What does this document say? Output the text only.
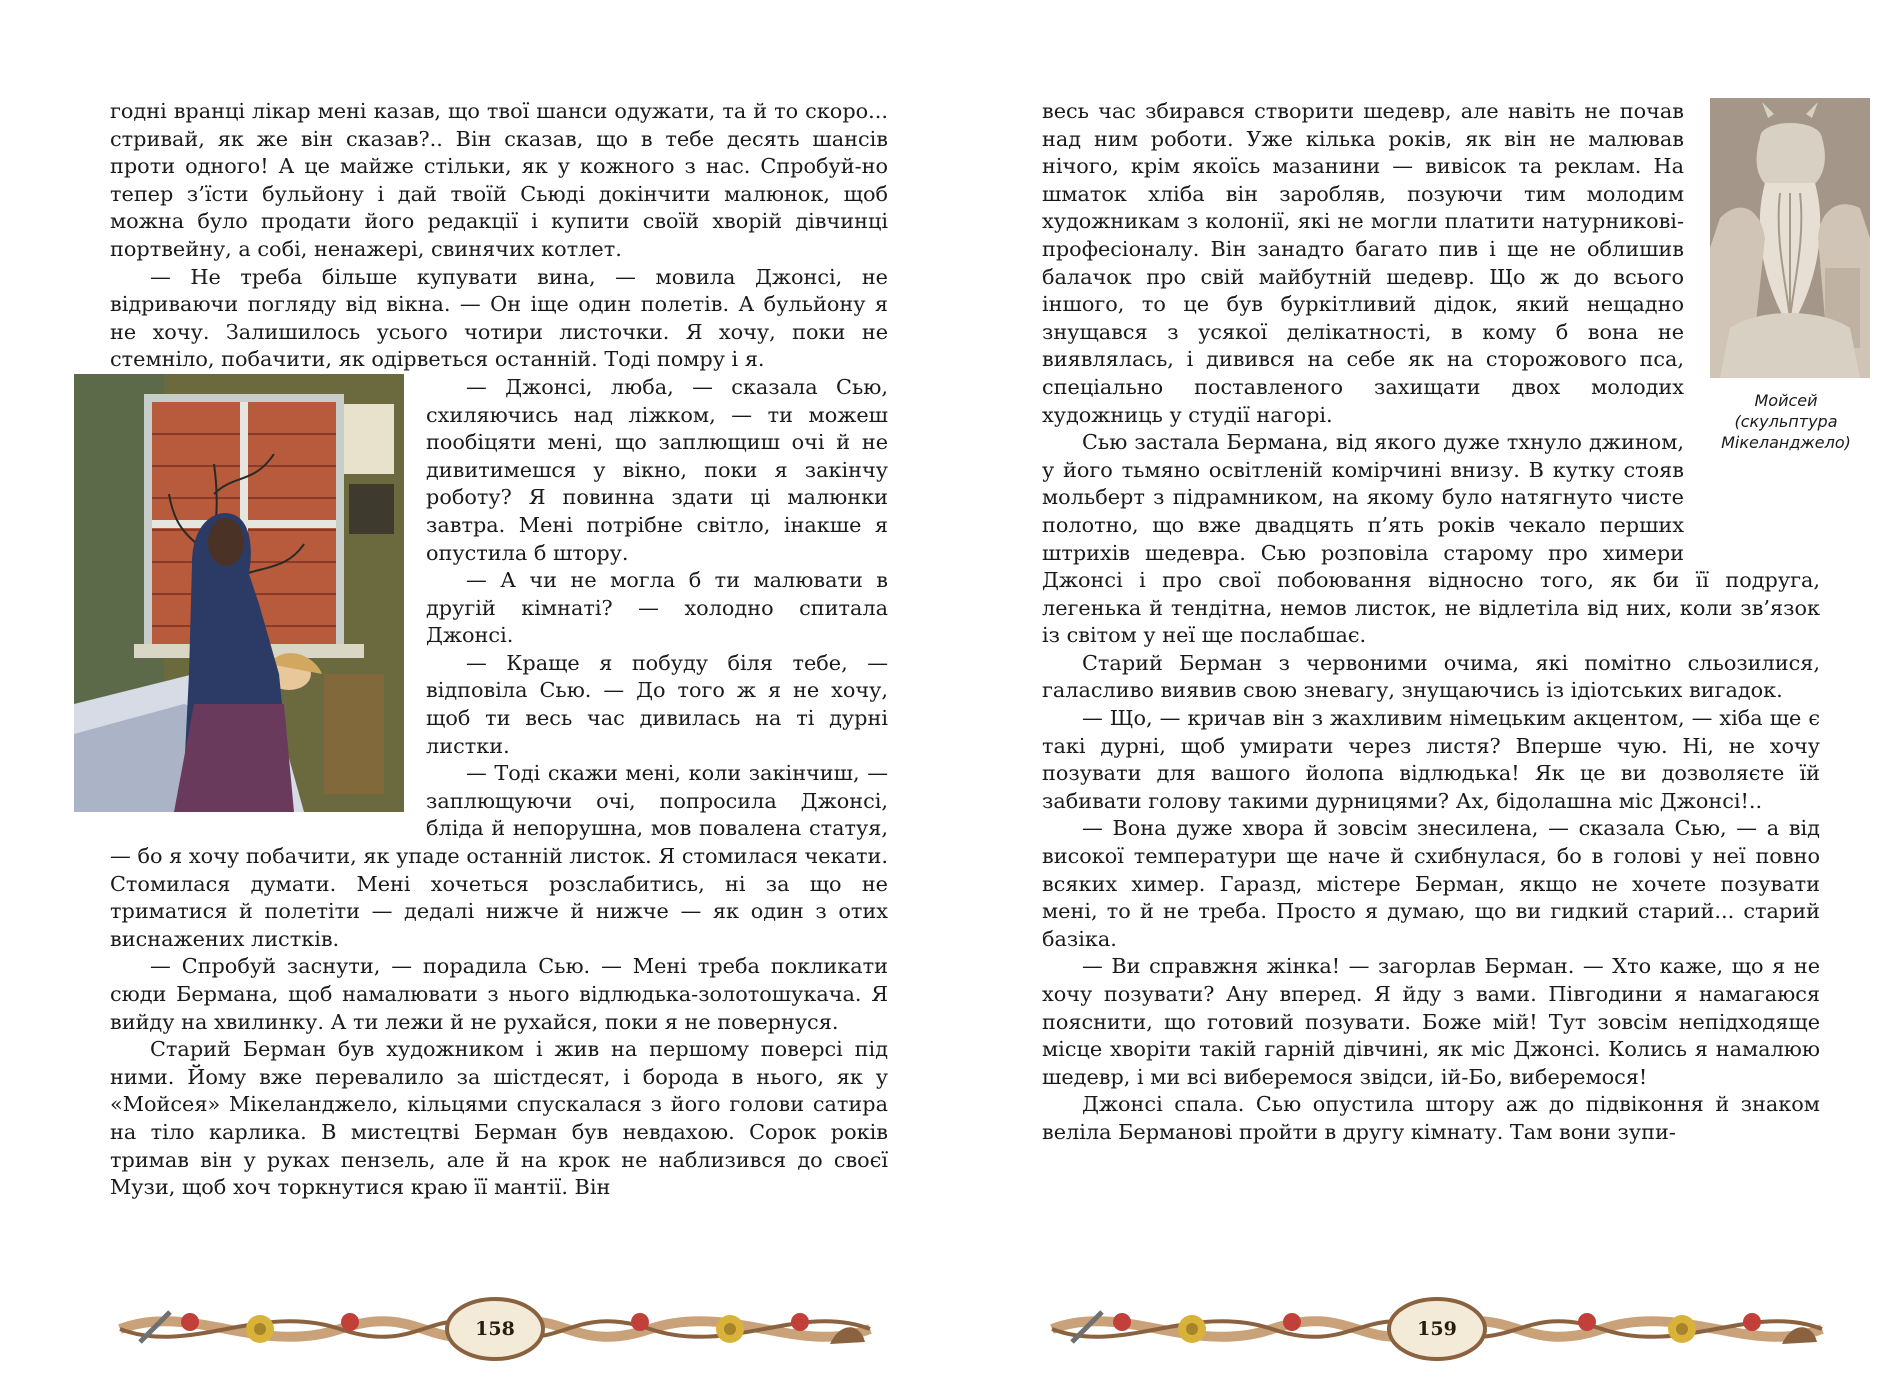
годні вранці лікар мені казав, що твої шанси одужати, та й то скоро... стривай, як же він сказав?.. Він сказав, що в тебе десять шансів проти одного! А це майже стільки, як у кожного з нас. Спробуй-но тепер з’їсти бульйону і дай твоїй Сьюді докінчити малюнок, щоб можна було продати його редакції і купити своїй хворій дівчинці портвейну, а собі, ненажері, свинячих котлет.

— Не треба більше купувати вина, — мовила Джонсі, не відриваючи погляду від вікна. — Он іще один полетів. А бульйону я не хочу. Залишилось усього чотири листочки. Я хочу, поки не стемніло, побачити, як одірветься останній. Тоді помру і я.

— Джонсі, люба, — сказала Сью, схиляючись над ліжком, — ти можеш пообіцяти мені, що заплющиш очі й не дивитимешся у вікно, поки я закінчу роботу? Я повинна здати ці малюнки завтра. Мені потрібне світло, інакше я опустила б штору.

— А чи не могла б ти малювати в другій кімнаті? — холодно спитала Джонсі.

— Краще я побуду біля тебе, — відповіла Сью. — До того ж я не хочу, щоб ти весь час дивилась на ті дурні листки.

— Тоді скажи мені, коли закінчиш, — заплющуючи очі, попросила Джонсі, бліда й непорушна, мов повалена статуя, — бо я хочу побачити, як упаде останній листок. Я стомилася чекати. Стомилася думати. Мені хочеться розслабитись, ні за що не триматися й полетіти — дедалі нижче й нижче — як один з отих виснажених листків.

— Спробуй заснути, — порадила Сью. — Мені треба покликати сюди Бермана, щоб намалювати з нього відлюдька-золотошукача. Я вийду на хвилинку. А ти лежи й не рухайся, поки я не повернуся.

Старий Берман був художником і жив на першому поверсі під ними. Йому вже перевалило за шістдесят, і борода в нього, як у «Мойсея» Мікеланджело, кільцями спускалася з його голови сатира на тіло карлика. В мистецтві Берман був невдахою. Сорок років тримав він у руках пензель, але й на крок не наблизився до своєї Музи, щоб хоч торкнутися краю її мантії. Він

158
Мойсей
(скульптура
Мікеланджело)

весь час збирався створити шедевр, але навіть не почав над ним роботи. Уже кілька років, як він не малював нічого, крім якоїсь мазанини — вивісок та реклам. На шматок хліба він заробляв, позуючи тим молодим художникам з колонії, які не могли платити натурникові-професіоналу. Він занадто багато пив і ще не облишив балачок про свій майбутній шедевр. Що ж до всього іншого, то це був буркітливий дідок, який нещадно знущався з усякої делікатності, в кому б вона не виявлялась, і дивився на себе як на сторожового пса, спеціально поставленого захищати двох молодих художниць у студії нагорі.

Сью застала Бермана, від якого дуже тхнуло джином, у його тьмяно освітленій комірчині внизу. В кутку стояв мольберт з підрамником, на якому було натягнуто чисте полотно, що вже двадцять п’ять років чекало перших штрихів шедевра. Сью розповіла старому про химери Джонсі і про свої побоювання відносно того, як би її подруга, легенька й тендітна, немов листок, не відлетіла від них, коли зв’язок із світом у неї ще послабшає.

Старий Берман з червоними очима, які помітно сльозилися, галасливо виявив свою зневагу, знущаючись із ідіотських вигадок.

— Що, — кричав він з жахливим німецьким акцентом, — хіба ще є такі дурні, щоб умирати через листя? Вперше чую. Ні, не хочу позувати для вашого йолопа відлюдька! Як це ви дозволяєте їй забивати голову такими дурницями? Ах, бідолашна міс Джонсі!..

— Вона дуже хвора й зовсім знесилена, — сказала Сью, — а від високої температури ще наче й схибнулася, бо в голові у неї повно всяких химер. Гаразд, містере Берман, якщо не хочете позувати мені, то й не треба. Просто я думаю, що ви гидкий старий... старий базіка.

— Ви справжня жінка! — загорлав Берман. — Хто каже, що я не хочу позувати? Ану вперед. Я йду з вами. Півгодини я намагаюся пояснити, що готовий позувати. Боже мій! Тут зовсім непідходяще місце хворіти такій гарній дівчині, як міс Джонсі. Колись я намалюю шедевр, і ми всі виберемося звідси, ій-Бо, виберемося!

Джонсі спала. Сью опустила штору аж до підвіконня й знаком веліла Берманові пройти в другу кімнату. Там вони зупи-

159
